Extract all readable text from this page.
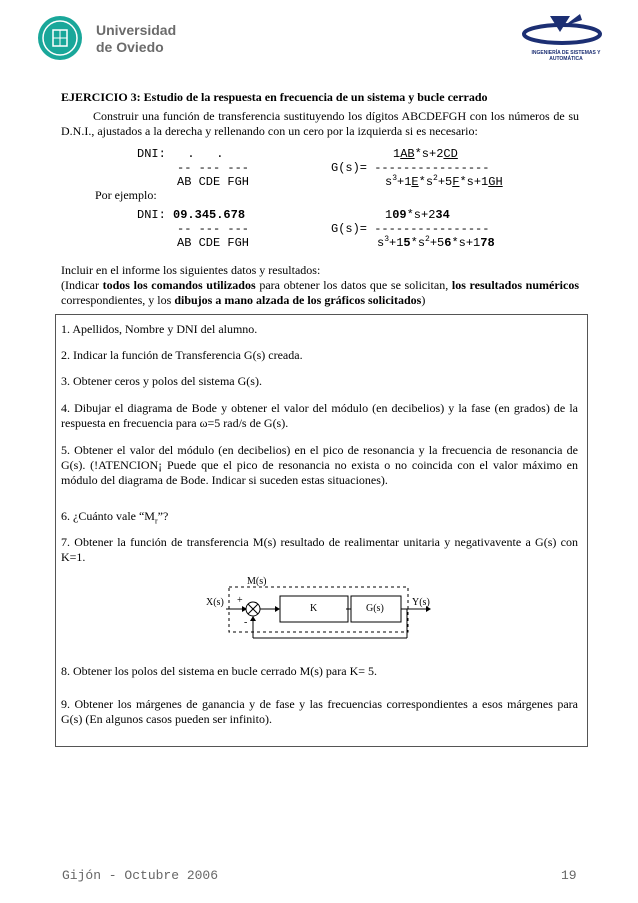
Universidad
de Oviedo	INGENIERÍA DE SISTEMAS Y AUTOMÁTICA
EJERCICIO 3: Estudio de la respuesta en frecuencia de un sistema y bucle cerrado
Construir una función de transferencia sustituyendo los dígitos ABCDEFGH con los números de su D.N.I., ajustados a la derecha y rellenando con un cero por la izquierda si es necesario:
DNI:   .   .	1AB*s+2CD
-- --- ---	G(s)= ----------------
AB CDE FGH	$s^3+1E*s^2+5F*s+1GH$
Por ejemplo:
DNI: 09.345.678	109*s+234
-- --- ---	G(s)= ----------------
AB CDE FGH	$s^3+15*s^2+56*s+178$
Incluir en el informe los siguientes datos y resultados:
(Indicar todos los comandos utilizados para obtener los datos que se solicitan, los resultados numéricos correspondientes, y los dibujos a mano alzada de los gráficos solicitados)
1. Apellidos, Nombre y DNI del alumno.
2. Indicar la función de Transferencia G(s) creada.
3. Obtener ceros y polos del sistema G(s).
4. Dibujar el diagrama de Bode y obtener el valor del módulo (en decibelios) y la fase (en grados) de la respuesta en frecuencia para ω=5 rad/s de G(s).
5. Obtener el valor del módulo (en decibelios) en el pico de resonancia y la frecuencia de resonancia de G(s). (!ATENCION¡ Puede que el pico de resonancia no exista o no coincida con el valor máximo en módulo del diagrama de Bode. Indicar si suceden estas situaciones).
6. ¿Cuánto vale “$M_r$”?
7. Obtener la función de transferencia M(s) resultado de realimentar unitaria y negativavente a G(s) con K=1.
M(s)
X(s) +
-
K	G(s)
Y(s)
8. Obtener los polos del sistema en bucle cerrado M(s) para K= 5.
9. Obtener los márgenes de ganancia y de fase y las frecuencias correspondientes a esos márgenes para G(s) (En algunos casos pueden ser infinito).
Gijón - Octubre 2006	19
